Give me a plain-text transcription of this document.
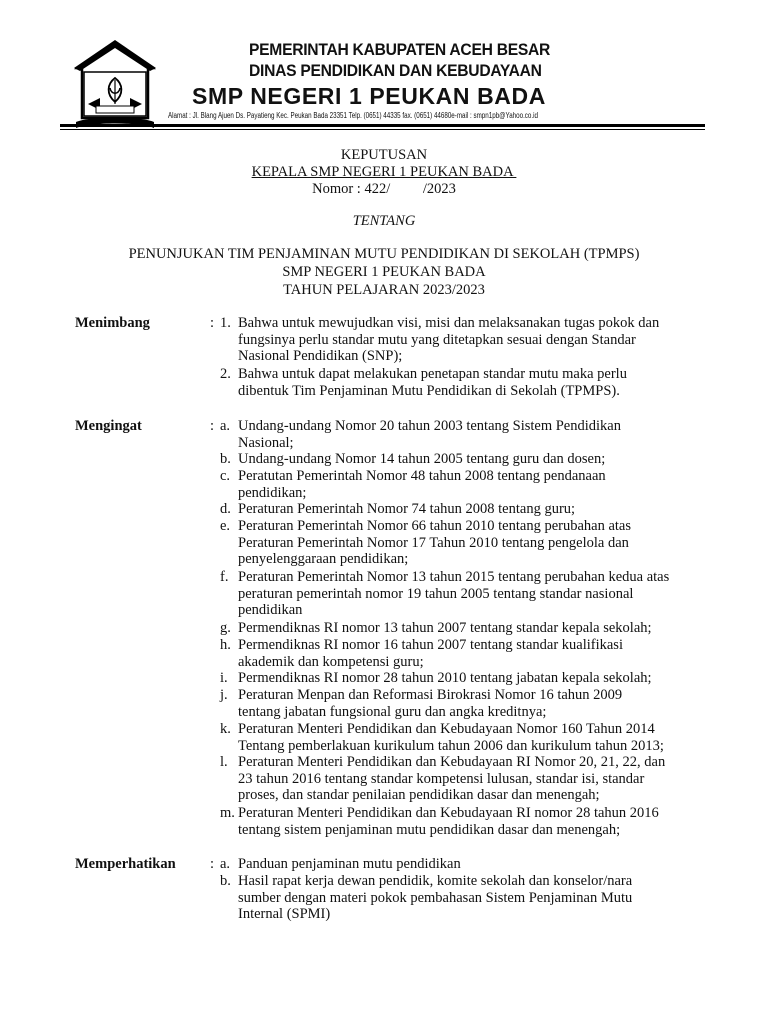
PEMERINTAH KABUPATEN ACEH BESAR
DINAS PENDIDIKAN DAN KEBUDAYAAN
SMP NEGERI 1 PEUKAN BADA
Alamat : Jl. Blang Ajuen Ds. Payatieng Kec. Peukan Bada 23351 Telp. (0651) 44335 fax. (0651) 44680e-mail : smpn1pb@Yahoo.co.id
KEPUTUSAN
KEPALA SMP NEGERI 1 PEUKAN BADA
Nomor : 422/         /2023
TENTANG
PENUNJUKAN TIM PENJAMINAN MUTU PENDIDIKAN DI SEKOLAH (TPMPS)
SMP NEGERI 1 PEUKAN BADA
TAHUN PELAJARAN 2023/2023
Menimbang	: 1. Bahwa untuk mewujudkan visi, misi dan melaksanakan tugas pokok dan
fungsinya perlu standar mutu yang ditetapkan sesuai dengan Standar
Nasional Pendidikan (SNP);
2. Bahwa untuk dapat melakukan penetapan standar mutu maka perlu
dibentuk Tim Penjaminan Mutu Pendidikan di Sekolah (TPMPS).
Mengingat	: a. Undang-undang Nomor 20 tahun 2003 tentang Sistem Pendidikan
Nasional;
b. Undang-undang Nomor 14 tahun 2005 tentang guru dan dosen;
c. Peratutan Pemerintah Nomor 48 tahun 2008 tentang pendanaan
pendidikan;
d. Peraturan Pemerintah Nomor 74 tahun 2008 tentang guru;
e. Peraturan Pemerintah Nomor 66 tahun 2010 tentang perubahan atas
Peraturan Pemerintah Nomor 17 Tahun 2010 tentang pengelola dan
penyelenggaraan pendidikan;
f. Peraturan Pemerintah Nomor 13 tahun 2015 tentang perubahan kedua atas
peraturan pemerintah nomor 19 tahun 2005 tentang standar nasional
pendidikan
g. Permendiknas RI nomor 13 tahun 2007 tentang standar kepala sekolah;
h. Permendiknas RI nomor 16 tahun 2007 tentang standar kualifikasi
akademik dan kompetensi guru;
i. Permendiknas RI nomor 28 tahun 2010 tentang jabatan kepala sekolah;
j. Peraturan Menpan dan Reformasi Birokrasi Nomor 16 tahun 2009
tentang jabatan fungsional guru dan angka kreditnya;
k. Peraturan Menteri Pendidikan dan Kebudayaan Nomor 160 Tahun 2014
Tentang pemberlakuan kurikulum tahun 2006 dan kurikulum tahun 2013;
l. Peraturan Menteri Pendidikan dan Kebudayaan RI Nomor 20, 21, 22, dan
23 tahun 2016 tentang standar kompetensi lulusan, standar isi, standar
proses, dan standar penilaian pendidikan dasar dan menengah;
m. Peraturan Menteri Pendidikan dan Kebudayaan RI nomor 28 tahun 2016
tentang sistem penjaminan mutu pendidikan dasar dan menengah;
Memperhatikan : a. Panduan penjaminan mutu pendidikan
b. Hasil rapat kerja dewan pendidik, komite sekolah dan konselor/nara
sumber dengan materi pokok pembahasan Sistem Penjaminan Mutu
Internal (SPMI)
